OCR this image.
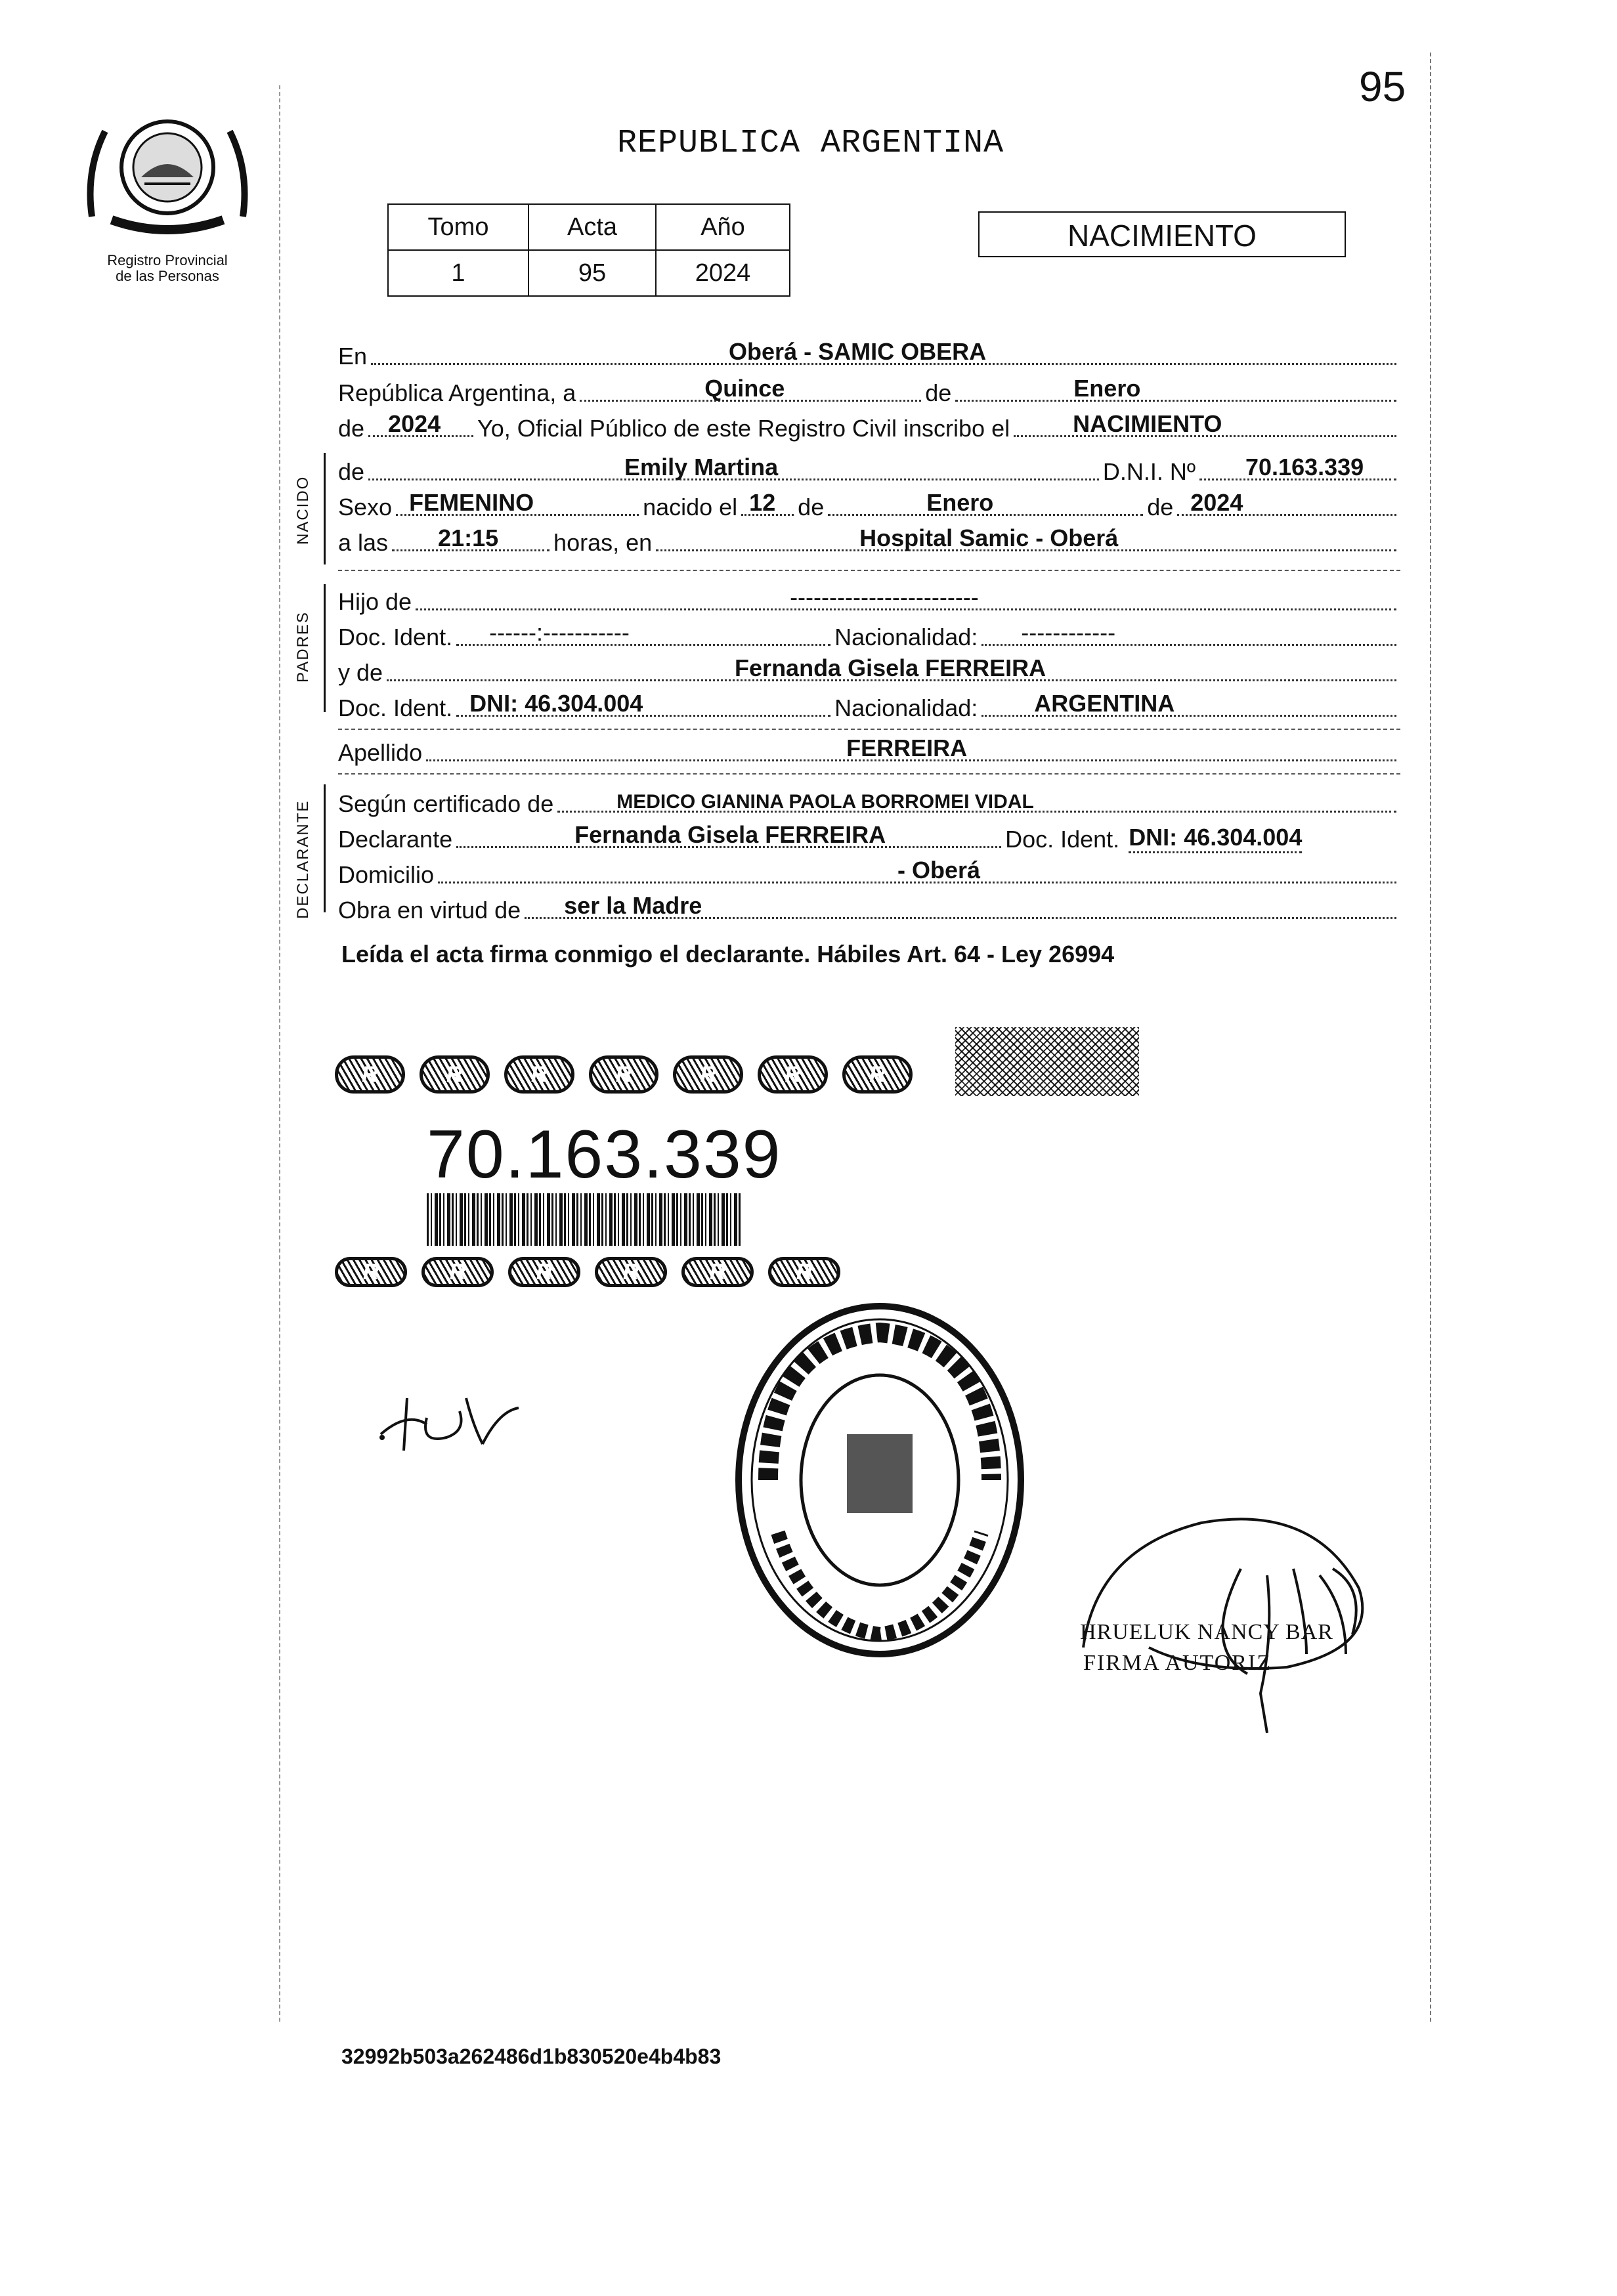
95
Registro Provincial
de las Personas
REPUBLICA ARGENTINA
Tomo	Acta	Año
1	95	2024
NACIMIENTO
En	Oberá - SAMIC OBERA
República Argentina, a	Quince	de	Enero
de 2024 Yo, Oficial Público de este Registro Civil inscribo el	NACIMIENTO
NACIDO
de	Emily Martina	D.N.I. Nº 70.163.339
Sexo FEMENINO	nacido el 12 de	Enero	de 2024
a las 21:15 horas, en	Hospital Samic - Oberá
PADRES
Hijo de	------------------------
Doc. Ident. ------:-----------	Nacionalidad: ------------
y de	Fernanda Gisela FERREIRA
Doc. Ident. DNI: 46.304.004	Nacionalidad: ARGENTINA
Apellido	FERREIRA
DECLARANTE Según certificado de	MEDICO GIANINA PAOLA BORROMEI VIDAL
Declarante	Fernanda Gisela FERREIRA	Doc. Ident. DNI: 46.304.004
Domicilio	- Oberá
Obra en virtud de ser la Madre
Leída el acta firma conmigo el declarante. Hábiles Art. 64 - Ley 26994
R	R	R	R	R	R	R
70.163.339
R	R	R	R	R	R
HRUELUK NANCY BAR
FIRMA AUTORIZ
32992b503a262486d1b830520e4b4b83
